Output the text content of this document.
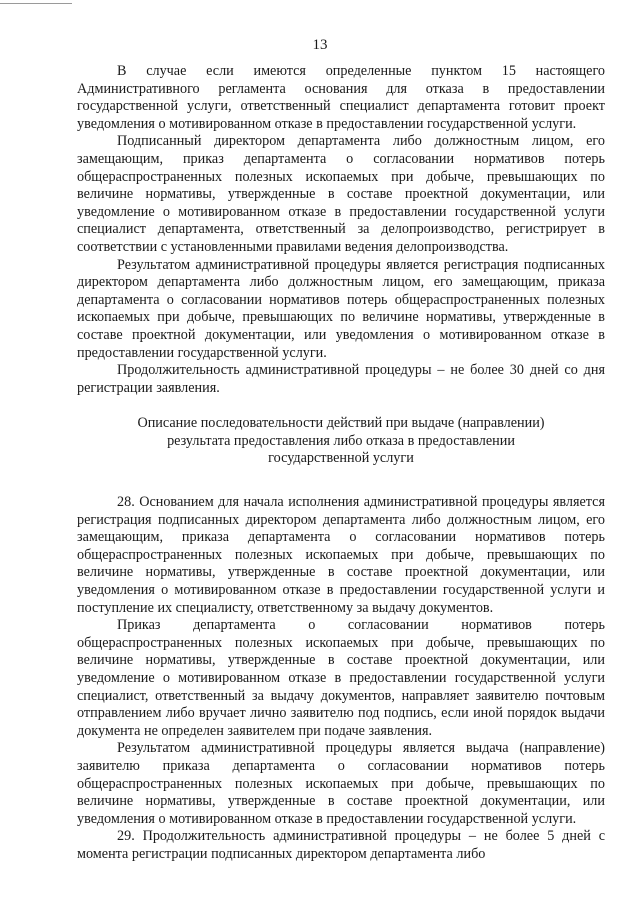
13

В случае если имеются определенные пунктом 15 настоящего Административного регламента основания для отказа в предоставлении государственной услуги, ответственный специалист департамента готовит проект уведомления о мотивированном отказе в предоставлении государственной услуги.

Подписанный директором департамента либо должностным лицом, его замещающим, приказ департамента о согласовании нормативов потерь общераспространенных полезных ископаемых при добыче, превышающих по величине нормативы, утвержденные в составе проектной документации, или уведомление о мотивированном отказе в предоставлении государственной услуги специалист департамента, ответственный за делопроизводство, регистрирует в соответствии с установленными правилами ведения делопроизводства.

Результатом административной процедуры является регистрация подписанных директором департамента либо должностным лицом, его замещающим, приказа департамента о согласовании нормативов потерь общераспространенных полезных ископаемых при добыче, превышающих по величине нормативы, утвержденные в составе проектной документации, или уведомления о мотивированном отказе в предоставлении государственной услуги.

Продолжительность административной процедуры – не более 30 дней со дня регистрации заявления.

Описание последовательности действий при выдаче (направлении) результата предоставления либо отказа в предоставлении государственной услуги

28. Основанием для начала исполнения административной процедуры является регистрация подписанных директором департамента либо должностным лицом, его замещающим, приказа департамента о согласовании нормативов потерь общераспространенных полезных ископаемых при добыче, превышающих по величине нормативы, утвержденные в составе проектной документации, или уведомления о мотивированном отказе в предоставлении государственной услуги и поступление их специалисту, ответственному за выдачу документов.

Приказ департамента о согласовании нормативов потерь общераспространенных полезных ископаемых при добыче, превышающих по величине нормативы, утвержденные в составе проектной документации, или уведомление о мотивированном отказе в предоставлении государственной услуги специалист, ответственный за выдачу документов, направляет заявителю почтовым отправлением либо вручает лично заявителю под подпись, если иной порядок выдачи документа не определен заявителем при подаче заявления.

Результатом административной процедуры является выдача (направление) заявителю приказа департамента о согласовании нормативов потерь общераспространенных полезных ископаемых при добыче, превышающих по величине нормативы, утвержденные в составе проектной документации, или уведомления о мотивированном отказе в предоставлении государственной услуги.

29. Продолжительность административной процедуры – не более 5 дней с момента регистрации подписанных директором департамента либо
